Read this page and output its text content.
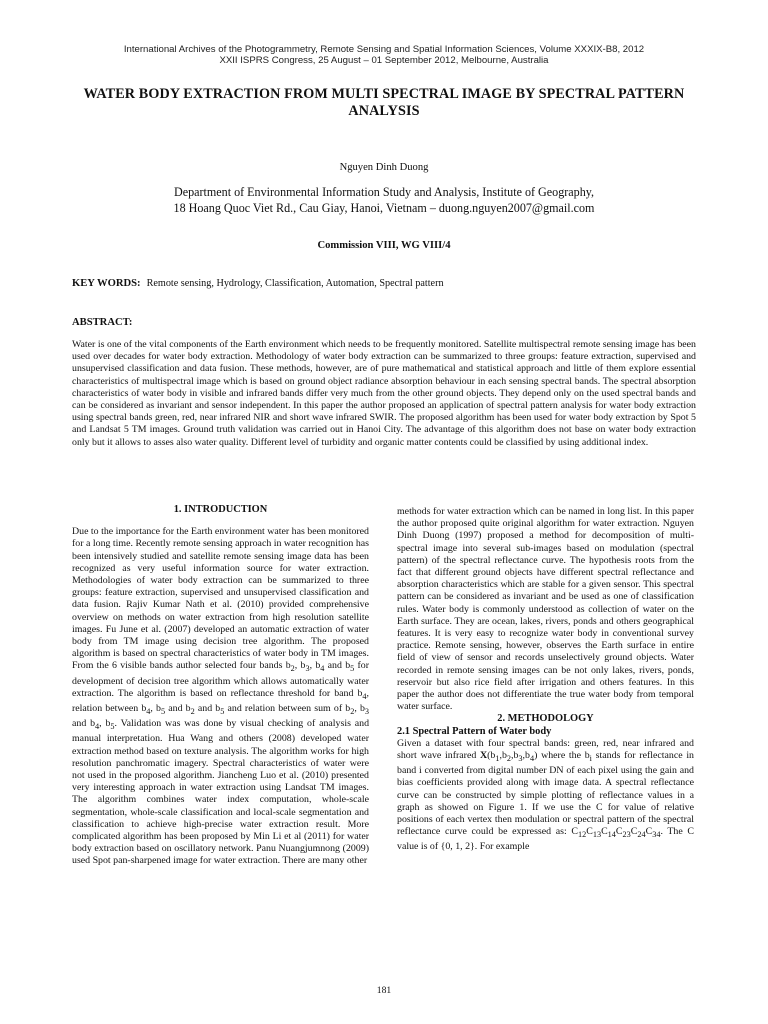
International Archives of the Photogrammetry, Remote Sensing and Spatial Information Sciences, Volume XXXIX-B8, 2012
XXII ISPRS Congress, 25 August – 01 September 2012, Melbourne, Australia
WATER BODY EXTRACTION FROM MULTI SPECTRAL IMAGE BY SPECTRAL PATTERN ANALYSIS
Nguyen Dinh Duong
Department of Environmental Information Study and Analysis, Institute of Geography,
18 Hoang Quoc Viet Rd., Cau Giay, Hanoi, Vietnam – duong.nguyen2007@gmail.com
Commission VIII, WG VIII/4
KEY WORDS: Remote sensing, Hydrology, Classification, Automation, Spectral pattern
ABSTRACT:

Water is one of the vital components of the Earth environment which needs to be frequently monitored. Satellite multispectral remote sensing image has been used over decades for water body extraction. Methodology of water body extraction can be summarized to three groups: feature extraction, supervised and unsupervised classification and data fusion. These methods, however, are of pure mathematical and statistical approach and little of them explore essential characteristics of multispectral image which is based on ground object radiance absorption behaviour in each sensing spectral bands. The spectral absorption characteristics of water body in visible and infrared bands differ very much from the other ground objects. They depend only on the used spectral bands and can be considered as invariant and sensor independent. In this paper the author proposed an application of spectral pattern analysis for water body extraction using spectral bands green, red, near infrared NIR and short wave infrared SWIR. The proposed algorithm has been used for water body extraction by Spot 5 and Landsat 5 TM images. Ground truth validation was carried out in Hanoi City. The advantage of this algorithm does not base on water body extraction only but it allows to asses also water quality. Different level of turbidity and organic matter contents could be classified by using additional index.

1. INTRODUCTION

Due to the importance for the Earth environment water has been monitored for a long time. Recently remote sensing approach in water recognition has been intensively studied and satellite remote sensing image data has been recognized as very useful information source for water extraction. Methodologies of water body extraction can be summarized to three groups: feature extraction, supervised and unsupervised classification and data fusion. Rajiv Kumar Nath et al. (2010) provided comprehensive overview on methods on water extraction from high resolution satellite images. Fu June et al. (2007) developed an automatic extraction of water body from TM image using decision tree algorithm. The proposed algorithm is based on spectral characteristics of water body in TM images. From the 6 visible bands author selected four bands $b_2$, $b_3$, $b_4$ and $b_5$ for development of decision tree algorithm which allows automatically water extraction. The algorithm is based on reflectance threshold for band $b_4$, relation between $b_4$, $b_5$ and $b_2$ and $b_5$ and relation between sum of $b_2$, $b_3$ and $b_4$, $b_5$. Validation was was done by visual checking of analysis and manual interpretation. Hua Wang and others (2008) developed water extraction method based on texture analysis. The algorithm works for high resolution panchromatic imagery. Spectral characteristics of water were not used in the proposed algorithm. Jiancheng Luo et al. (2010) presented very interesting approach in water extraction using Landsat TM images. The algorithm combines water index computation, whole-scale segmentation, whole-scale classification and local-scale segmentation and classification to achieve high-precise water extraction result. More complicated algorithm has been proposed by Min Li et al (2011) for water body extraction based on oscillatory network. Panu Nuangjumnong (2009) used Spot pan-sharpened image for water extraction. There are many other

methods for water extraction which can be named in long list. In this paper the author proposed quite original algorithm for water extraction. Nguyen Dinh Duong (1997) proposed a method for decomposition of multi-spectral image into several sub-images based on modulation (spectral pattern) of the spectral reflectance curve. The hypothesis roots from the fact that different ground objects have different spectral reflectance and absorption characteristics which are stable for a given sensor. This spectral pattern can be considered as invariant and be used as one of classification rules. Water body is commonly understood as collection of water on the Earth surface. They are ocean, lakes, rivers, ponds and others geographical features. It is very easy to recognize water body in conventional survey practice. Remote sensing, however, observes the Earth surface in entire field of view of sensor and records unselectively ground objects. Water recorded in remote sensing images can be not only lakes, rivers, ponds, reservoir but also rice field after irrigation and others features. In this paper the author does not differentiate the true water body from temporal water surface.

2. METHODOLOGY

2.1 Spectral Pattern of Water body

Given a dataset with four spectral bands: green, red, near infrared and short wave infrared $X(b_1,b_2,b_3,b_4)$ where the $b_i$ stands for reflectance in band i converted from digital number DN of each pixel using the gain and bias coefficients provided along with image data. A spectral reflectance curve can be constructed by simple plotting of reflectance values in a graph as showed on Figure 1. If we use the C for value of relative positions of each vertex then modulation or spectral pattern of the spectral reflectance curve could be expressed as: $C_{12}C_{13}C_{14}C_{23}C_{24}C_{34}$. The C value is of {0, 1, 2}. For example

181
